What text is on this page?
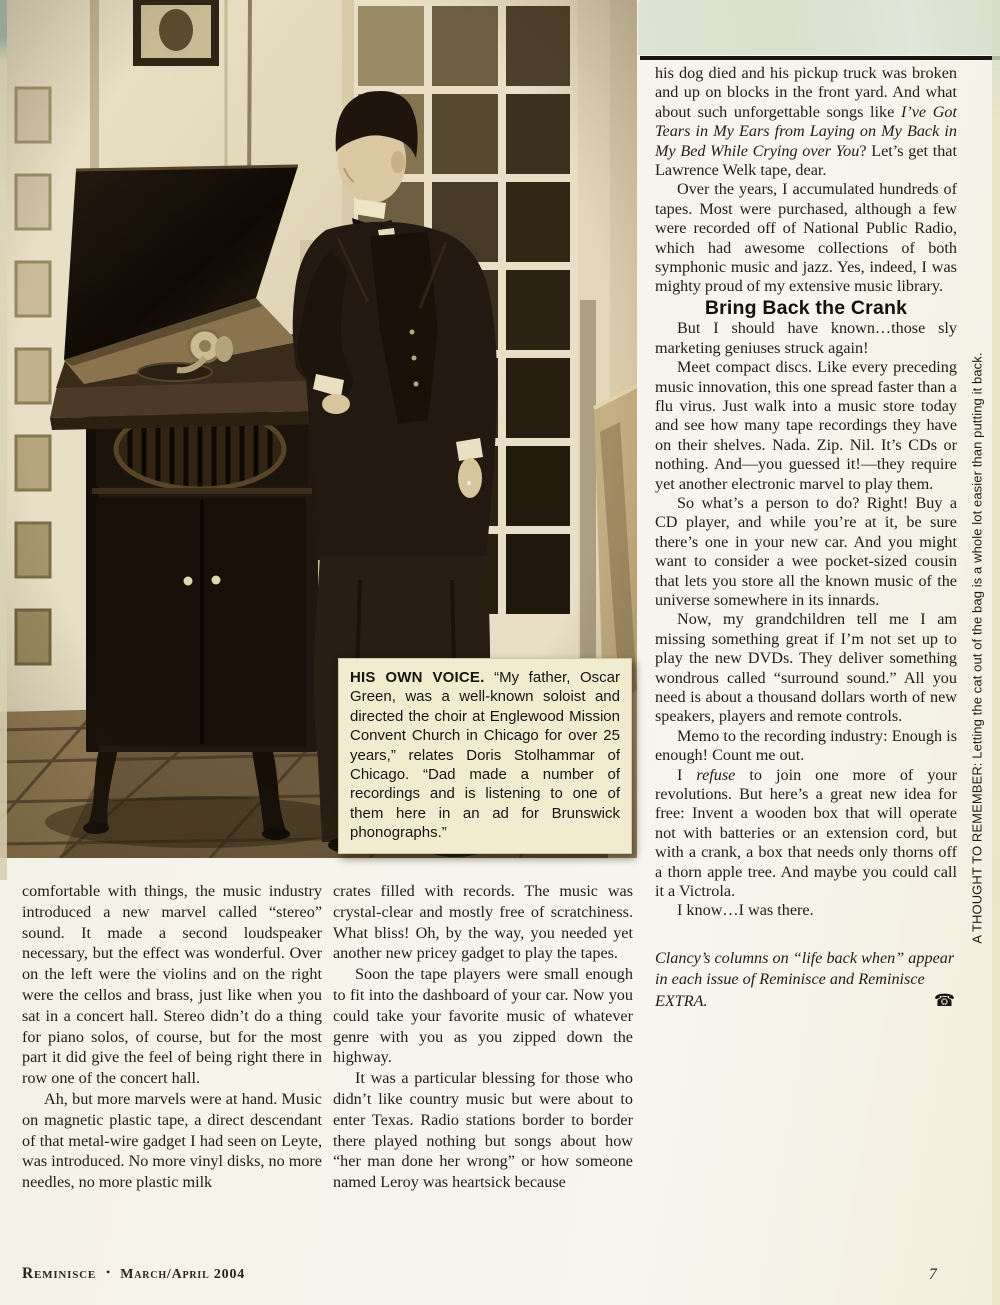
HIS OWN VOICE. “My father, Oscar Green, was a well-known soloist and directed the choir at Englewood Mission Convent Church in Chicago for over 25 years,” relates Doris Stolhammar of Chicago. “Dad made a number of recordings and is listening to one of them here in an ad for Brunswick phonographs.”

his dog died and his pickup truck was broken and up on blocks in the front yard. And what about such unforgettable songs like I’ve Got Tears in My Ears from Laying on My Back in My Bed While Crying over You? Let’s get that Lawrence Welk tape, dear.

Over the years, I accumulated hundreds of tapes. Most were purchased, although a few were recorded off of National Public Radio, which had awesome collections of both symphonic music and jazz. Yes, indeed, I was mighty proud of my extensive music library.

Bring Back the Crank

But I should have known…those sly marketing geniuses struck again!

Meet compact discs. Like every preceding music innovation, this one spread faster than a flu virus. Just walk into a music store today and see how many tape recordings they have on their shelves. Nada. Zip. Nil. It’s CDs or nothing. And—you guessed it!—they require yet another electronic marvel to play them.

So what’s a person to do? Right! Buy a CD player, and while you’re at it, be sure there’s one in your new car. And you might want to consider a wee pocket-sized cousin that lets you store all the known music of the universe somewhere in its innards.

Now, my grandchildren tell me I am missing something great if I’m not set up to play the new DVDs. They deliver something wondrous called “surround sound.” All you need is about a thousand dollars worth of new speakers, players and remote controls.

Memo to the recording industry: Enough is enough! Count me out.

I refuse to join one more of your revolutions. But here’s a great new idea for free: Invent a wooden box that will operate not with batteries or an extension cord, but with a crank, a box that needs only thorns off a thorn apple tree. And maybe you could call it a Victrola.

I know…I was there.

Clancy’s columns on “life back when” appear in each issue of Reminisce and Reminisce EXTRA.	☎

comfortable with things, the music industry introduced a new marvel called “stereo” sound. It made a second loudspeaker necessary, but the effect was wonderful. Over on the left were the violins and on the right were the cellos and brass, just like when you sat in a concert hall. Stereo didn’t do a thing for piano solos, of course, but for the most part it did give the feel of being right there in row one of the concert hall.

Ah, but more marvels were at hand. Music on magnetic plastic tape, a direct descendant of that metal-wire gadget I had seen on Leyte, was introduced. No more vinyl disks, no more needles, no more plastic milk

crates filled with records. The music was crystal-clear and mostly free of scratchiness. What bliss! Oh, by the way, you needed yet another new pricey gadget to play the tapes.

Soon the tape players were small enough to fit into the dashboard of your car. Now you could take your favorite music of whatever genre with you as you zipped down the highway.

It was a particular blessing for those who didn’t like country music but were about to enter Texas. Radio stations border to border there played nothing but songs about how “her man done her wrong” or how someone named Leroy was heartsick because

A THOUGHT TO REMEMBER: Letting the cat out of the bag is a whole lot easier than putting it back.
Reminisce • March/April 2004	7
